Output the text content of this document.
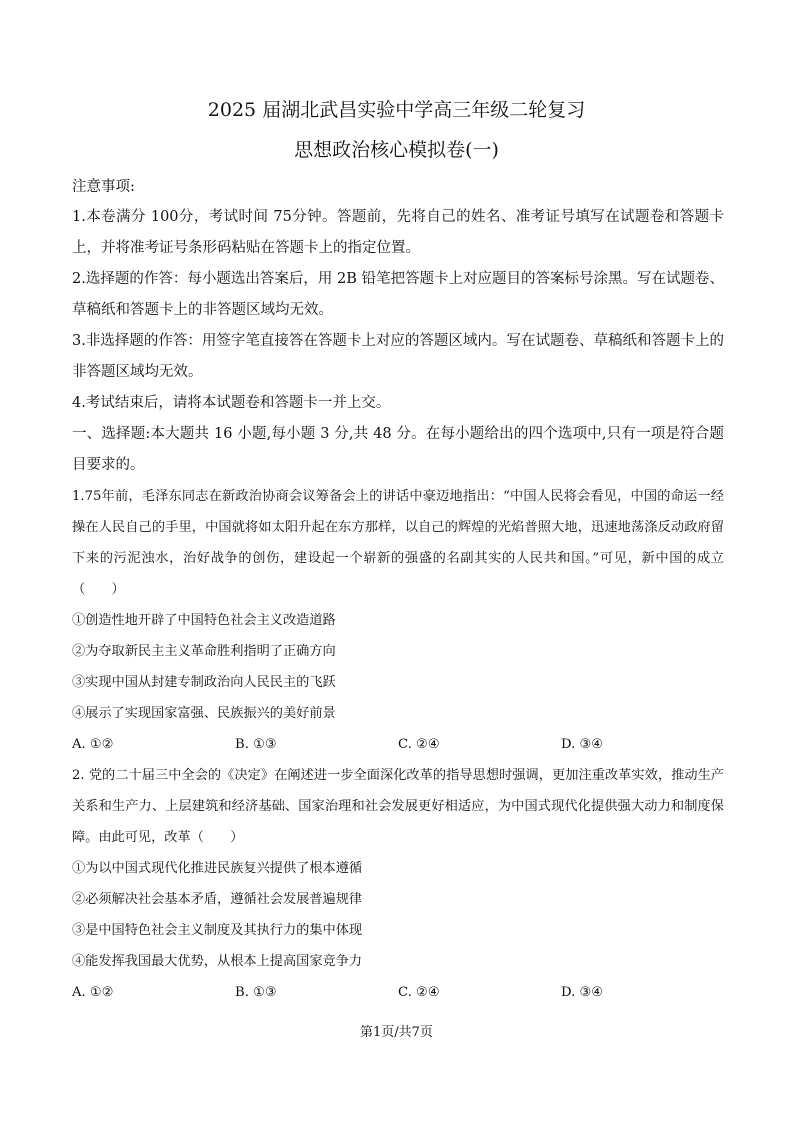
2025 届湖北武昌实验中学高三年级二轮复习
思想政治核心模拟卷(一)
注意事项:

1.本卷满分 100分，考试时间 75分钟。答题前，先将自己的姓名、准考证号填写在试题卷和答题卡上，并将准考证号条形码粘贴在答题卡上的指定位置。

2.选择题的作答：每小题选出答案后，用 2B 铅笔把答题卡上对应题目的答案标号涂黑。写在试题卷、草稿纸和答题卡上的非答题区域均无效。

3.非选择题的作答：用签字笔直接答在答题卡上对应的答题区域内。写在试题卷、草稿纸和答题卡上的非答题区域均无效。

4.考试结束后，请将本试题卷和答题卡一并上交。

一、选择题:本大题共 16 小题,每小题 3 分,共 48 分。在每小题给出的四个选项中,只有一项是符合题目要求的。

1.75年前，毛泽东同志在新政治协商会议筹备会上的讲话中豪迈地指出：“中国人民将会看见，中国的命运一经操在人民自己的手里，中国就将如太阳升起在东方那样，以自己的辉煌的光焰普照大地，迅速地荡涤反动政府留下来的污泥浊水，治好战争的创伤，建设起一个崭新的强盛的名副其实的人民共和国。”可见，新中国的成立（　　）

①创造性地开辟了中国特色社会主义改造道路

②为夺取新民主主义革命胜利指明了正确方向

③实现中国从封建专制政治向人民民主的飞跃

④展示了实现国家富强、民族振兴的美好前景

A. ①②	B. ①③	C. ②④	D. ③④

2. 党的二十届三中全会的《决定》在阐述进一步全面深化改革的指导思想时强调，更加注重改革实效，推动生产关系和生产力、上层建筑和经济基础、国家治理和社会发展更好相适应，为中国式现代化提供强大动力和制度保障。由此可见，改革（　　）

①为以中国式现代化推进民族复兴提供了根本遵循

②必须解决社会基本矛盾，遵循社会发展普遍规律

③是中国特色社会主义制度及其执行力的集中体现

④能发挥我国最大优势，从根本上提高国家竞争力

A. ①②	B. ①③	C. ②④	D. ③④
第1页/共7页
